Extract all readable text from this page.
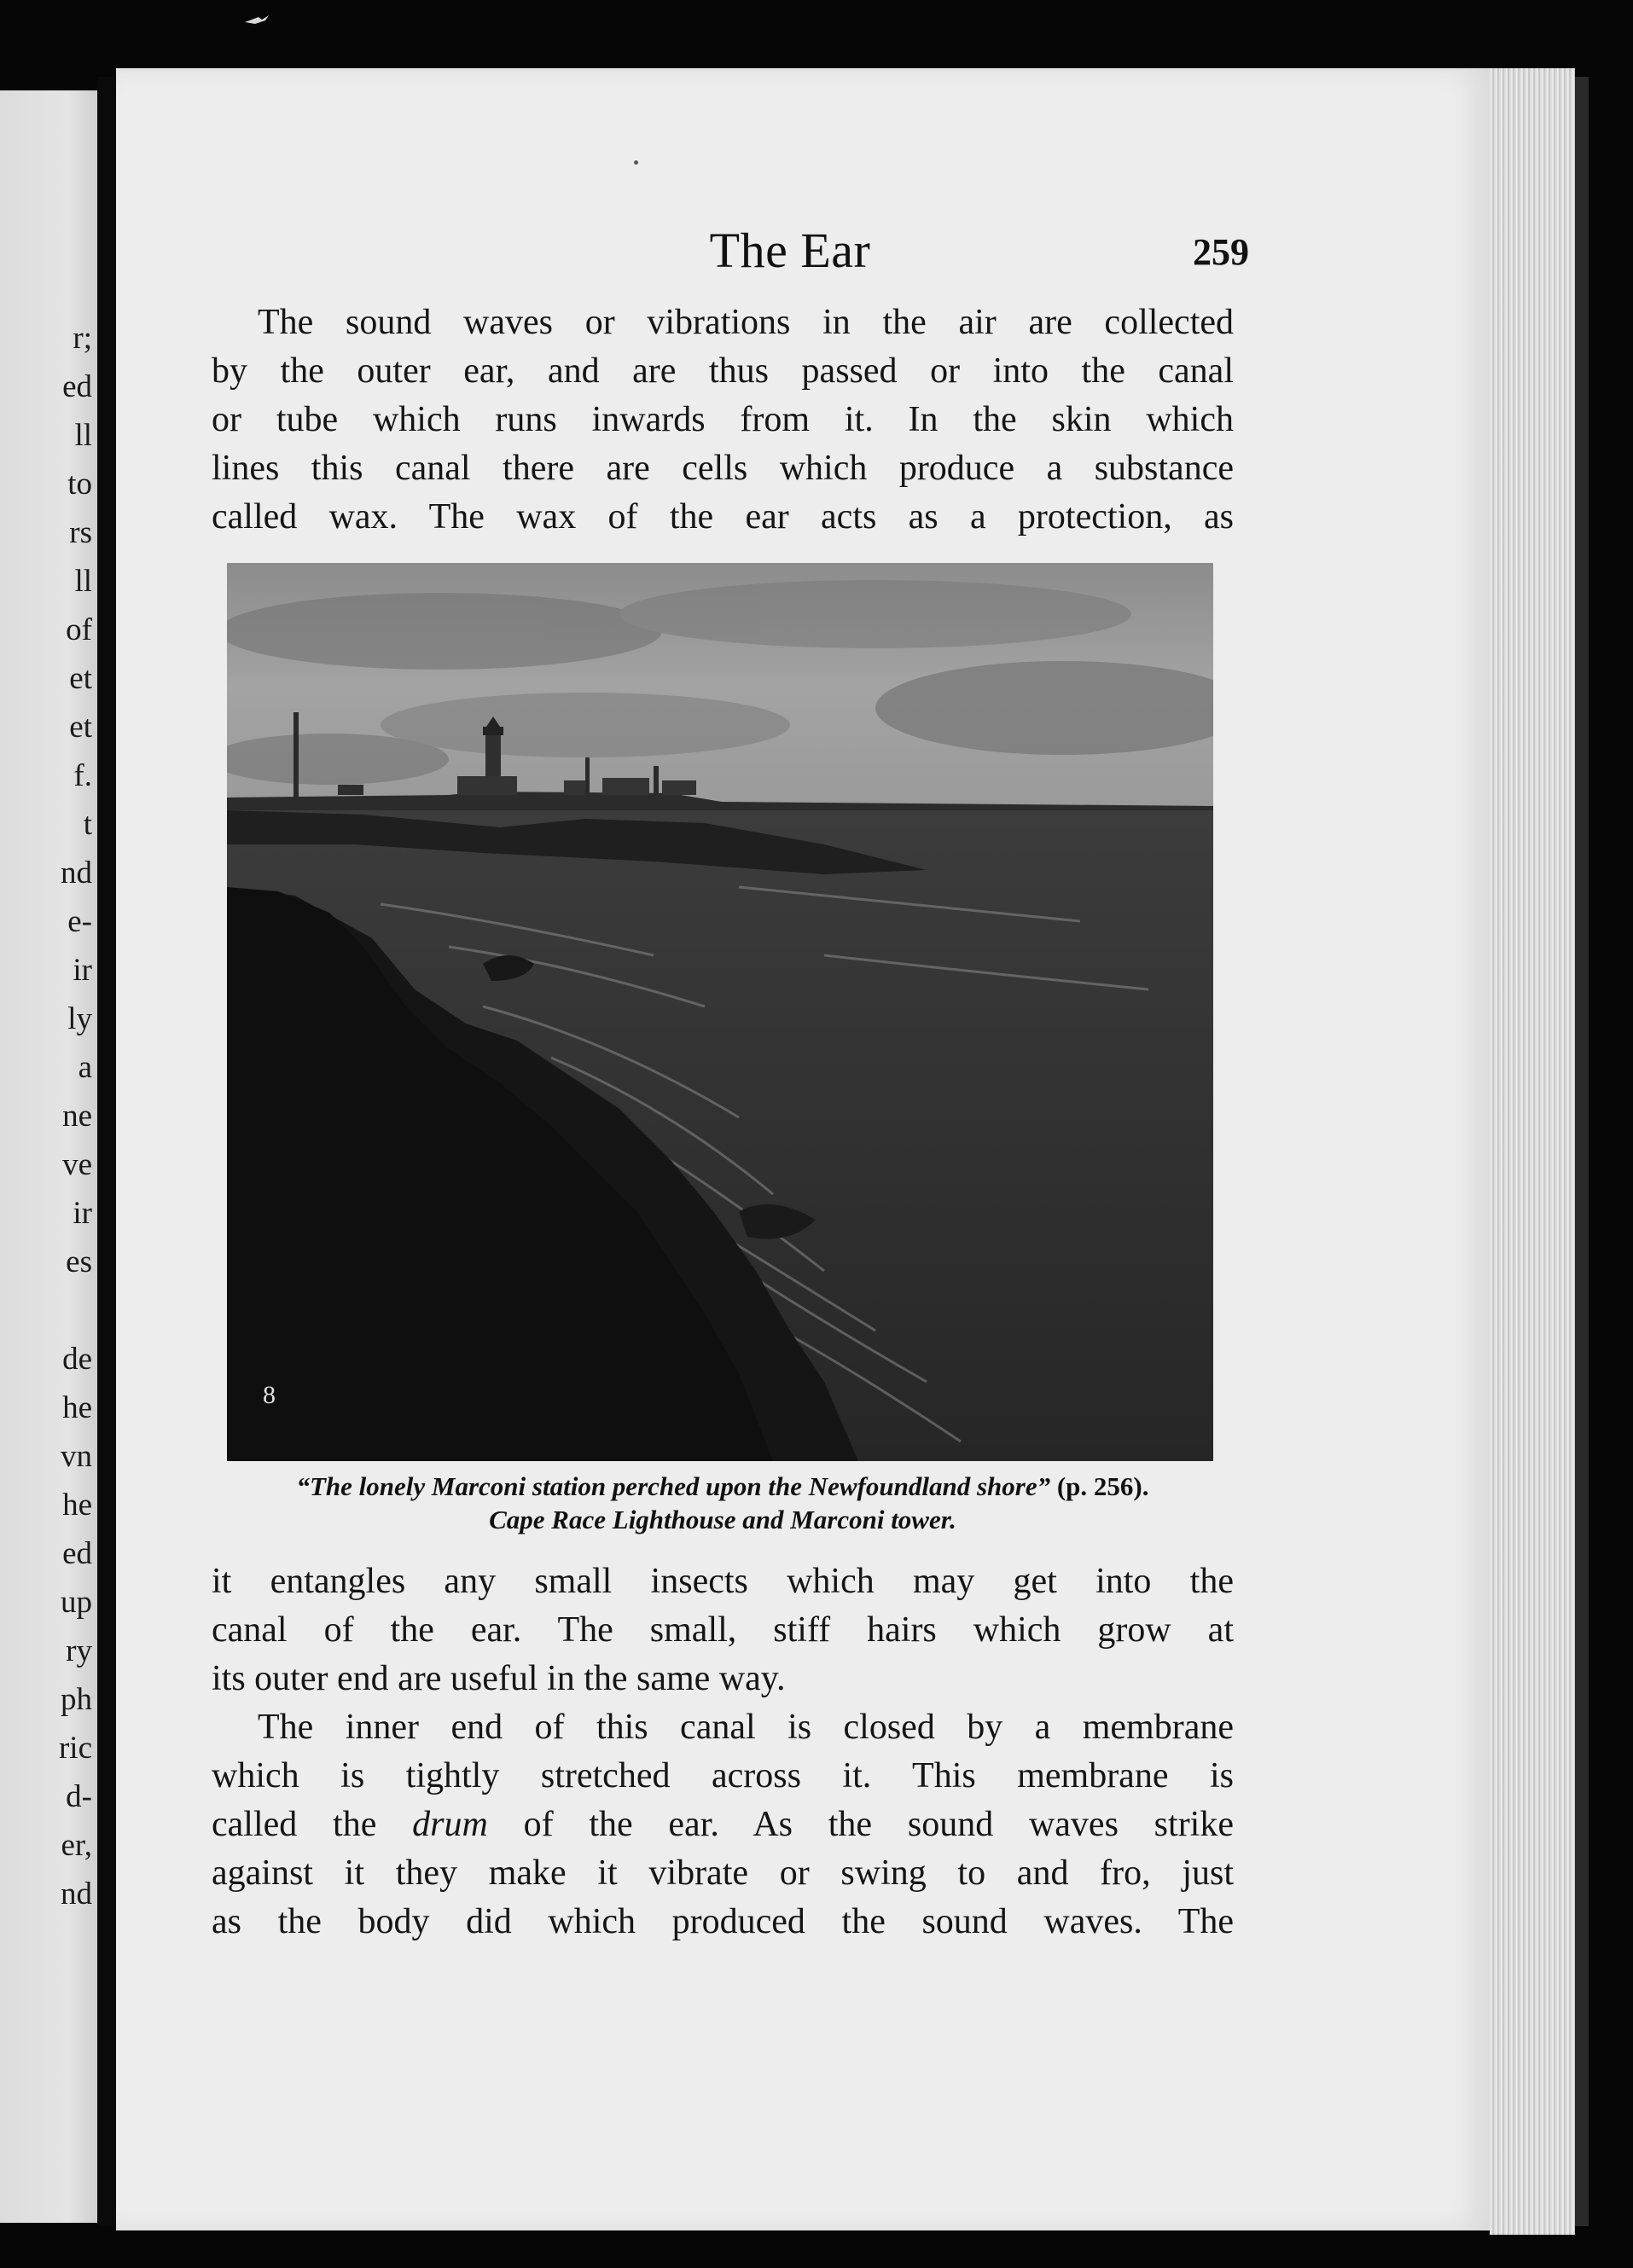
r;
ed
ll
to
rs
ll
of
et
et
f.
t
nd
e-
ir
ly
a
ne
ve
ir
es
de
he
vn
he
ed
up
ry
ph
ric
d-
er,
nd
The Ear	259
The sound waves or vibrations in the air are collected
by the outer ear, and are thus passed or into the canal
or tube which runs inwards from it. In the skin which
lines this canal there are cells which produce a substance
called wax. The wax of the ear acts as a protection, as
8
“The lonely Marconi station perched upon the Newfoundland shore” (p. 256).
Cape Race Lighthouse and Marconi tower.
it entangles any small insects which may get into the
canal of the ear. The small, stiff hairs which grow at
its outer end are useful in the same way.
The inner end of this canal is closed by a membrane
which is tightly stretched across it. This membrane is
called the drum of the ear. As the sound waves strike
against it they make it vibrate or swing to and fro, just
as the body did which produced the sound waves. The
